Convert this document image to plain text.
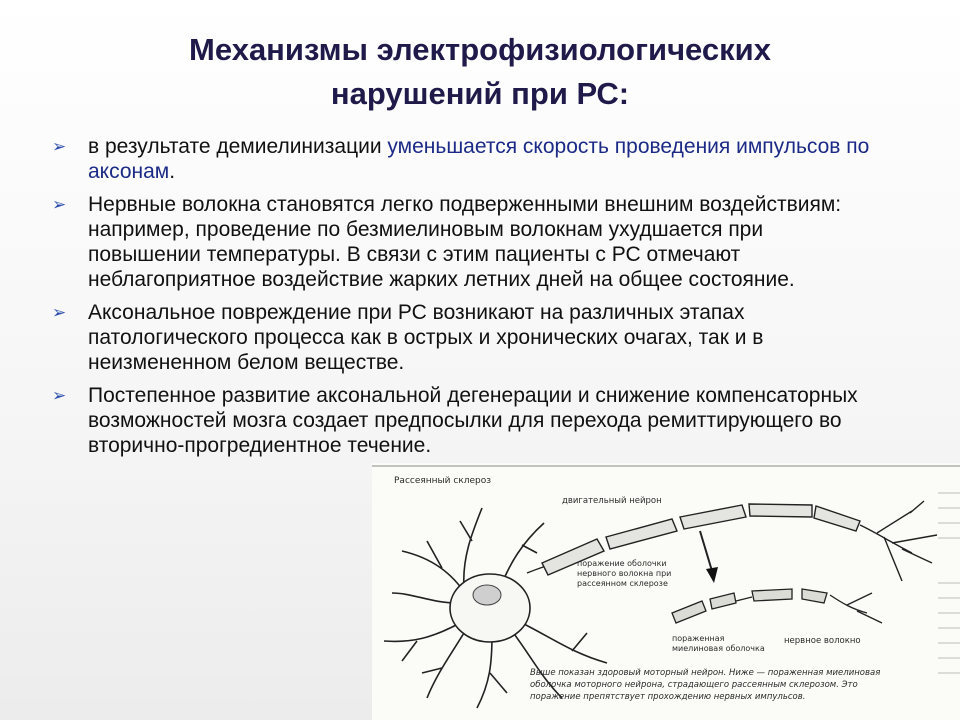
Механизмы электрофизиологических
нарушений при РС:
➢ в результате демиелинизации уменьшается скорость проведения импульсов по аксонам.
➢ Нервные волокна становятся легко подверженными внешним воздействиям: например, проведение по безмиелиновым волокнам ухудшается при повышении температуры. В связи с этим пациенты с РС отмечают неблагоприятное воздействие жарких летних дней на общее состояние.
➢ Аксональное повреждение при РС возникают на различных этапах патологического процесса как в острых и хронических очагах, так и в неизмененном белом веществе.
➢ Постепенное развитие аксональной дегенерации и снижение компенсаторных возможностей мозга создает предпосылки для перехода ремиттирующего во вторично-прогредиентное течение.
Рассеянный склероз
двигательный нейрон
поражение оболочки
нервного волокна при
рассеянном склерозе
пораженная
миелиновая оболочка
нервное волокно
Выше показан здоровый моторный нейрон. Ниже — пораженная миелиновая
оболочка моторного нейрона, страдающего рассеянным склерозом. Это
поражение препятствует прохождению нервных импульсов.
